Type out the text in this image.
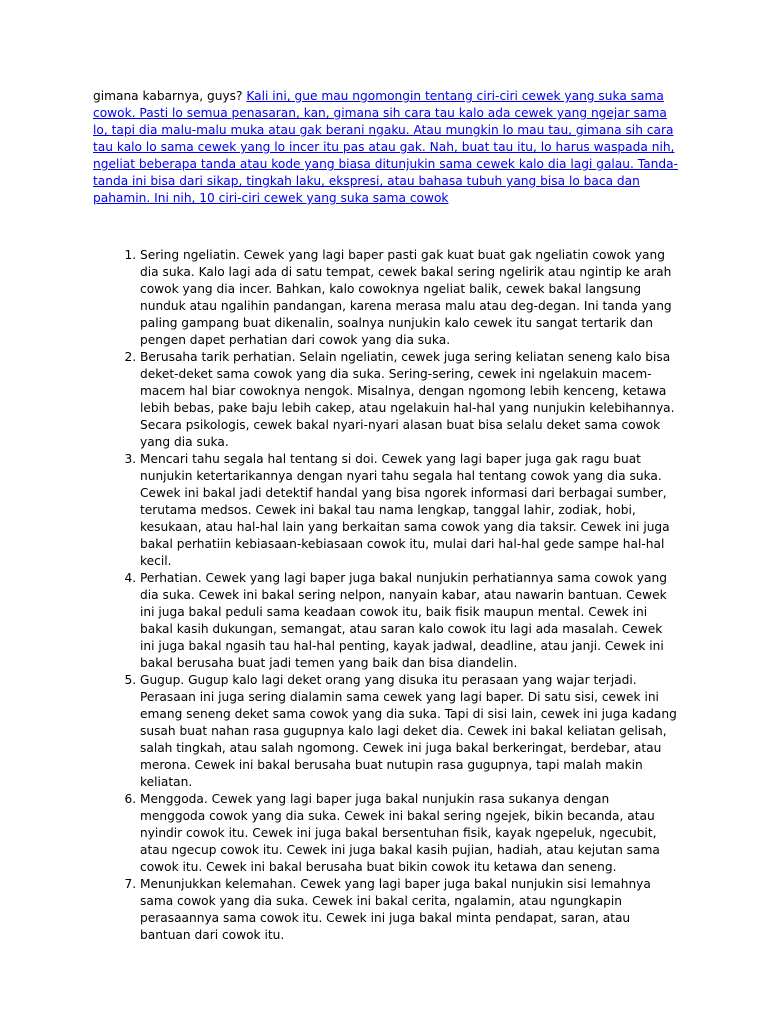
gimana kabarnya, guys? Kali ini, gue mau ngomongin tentang ciri-ciri cewek yang suka sama cowok. Pasti lo semua penasaran, kan, gimana sih cara tau kalo ada cewek yang ngejar sama lo, tapi dia malu-malu muka atau gak berani ngaku. Atau mungkin lo mau tau, gimana sih cara tau kalo lo sama cewek yang lo incer itu pas atau gak. Nah, buat tau itu, lo harus waspada nih, ngeliat beberapa tanda atau kode yang biasa ditunjukin sama cewek kalo dia lagi galau. Tanda-tanda ini bisa dari sikap, tingkah laku, ekspresi, atau bahasa tubuh yang bisa lo baca dan pahamin. Ini nih, 10 ciri-ciri cewek yang suka sama cowok

1. Sering ngeliatin. Cewek yang lagi baper pasti gak kuat buat gak ngeliatin cowok yang dia suka. Kalo lagi ada di satu tempat, cewek bakal sering ngelirik atau ngintip ke arah cowok yang dia incer. Bahkan, kalo cowoknya ngeliat balik, cewek bakal langsung nunduk atau ngalihin pandangan, karena merasa malu atau deg-degan. Ini tanda yang paling gampang buat dikenalin, soalnya nunjukin kalo cewek itu sangat tertarik dan pengen dapet perhatian dari cowok yang dia suka.
2. Berusaha tarik perhatian. Selain ngeliatin, cewek juga sering keliatan seneng kalo bisa deket-deket sama cowok yang dia suka. Sering-sering, cewek ini ngelakuin macem-macem hal biar cowoknya nengok. Misalnya, dengan ngomong lebih kenceng, ketawa lebih bebas, pake baju lebih cakep, atau ngelakuin hal-hal yang nunjukin kelebihannya. Secara psikologis, cewek bakal nyari-nyari alasan buat bisa selalu deket sama cowok yang dia suka.
3. Mencari tahu segala hal tentang si doi. Cewek yang lagi baper juga gak ragu buat nunjukin ketertarikannya dengan nyari tahu segala hal tentang cowok yang dia suka. Cewek ini bakal jadi detektif handal yang bisa ngorek informasi dari berbagai sumber, terutama medsos. Cewek ini bakal tau nama lengkap, tanggal lahir, zodiak, hobi, kesukaan, atau hal-hal lain yang berkaitan sama cowok yang dia taksir. Cewek ini juga bakal perhatiin kebiasaan-kebiasaan cowok itu, mulai dari hal-hal gede sampe hal-hal kecil.
4. Perhatian. Cewek yang lagi baper juga bakal nunjukin perhatiannya sama cowok yang dia suka. Cewek ini bakal sering nelpon, nanyain kabar, atau nawarin bantuan. Cewek ini juga bakal peduli sama keadaan cowok itu, baik fisik maupun mental. Cewek ini bakal kasih dukungan, semangat, atau saran kalo cowok itu lagi ada masalah. Cewek ini juga bakal ngasih tau hal-hal penting, kayak jadwal, deadline, atau janji. Cewek ini bakal berusaha buat jadi temen yang baik dan bisa diandelin.
5. Gugup. Gugup kalo lagi deket orang yang disuka itu perasaan yang wajar terjadi. Perasaan ini juga sering dialamin sama cewek yang lagi baper. Di satu sisi, cewek ini emang seneng deket sama cowok yang dia suka. Tapi di sisi lain, cewek ini juga kadang susah buat nahan rasa gugupnya kalo lagi deket dia. Cewek ini bakal keliatan gelisah, salah tingkah, atau salah ngomong. Cewek ini juga bakal berkeringat, berdebar, atau merona. Cewek ini bakal berusaha buat nutupin rasa gugupnya, tapi malah makin keliatan.
6. Menggoda. Cewek yang lagi baper juga bakal nunjukin rasa sukanya dengan menggoda cowok yang dia suka. Cewek ini bakal sering ngejek, bikin becanda, atau nyindir cowok itu. Cewek ini juga bakal bersentuhan fisik, kayak ngepeluk, ngecubit, atau ngecup cowok itu. Cewek ini juga bakal kasih pujian, hadiah, atau kejutan sama cowok itu. Cewek ini bakal berusaha buat bikin cowok itu ketawa dan seneng.
7. Menunjukkan kelemahan. Cewek yang lagi baper juga bakal nunjukin sisi lemahnya sama cowok yang dia suka. Cewek ini bakal cerita, ngalamin, atau ngungkapin perasaannya sama cowok itu. Cewek ini juga bakal minta pendapat, saran, atau bantuan dari cowok itu.
